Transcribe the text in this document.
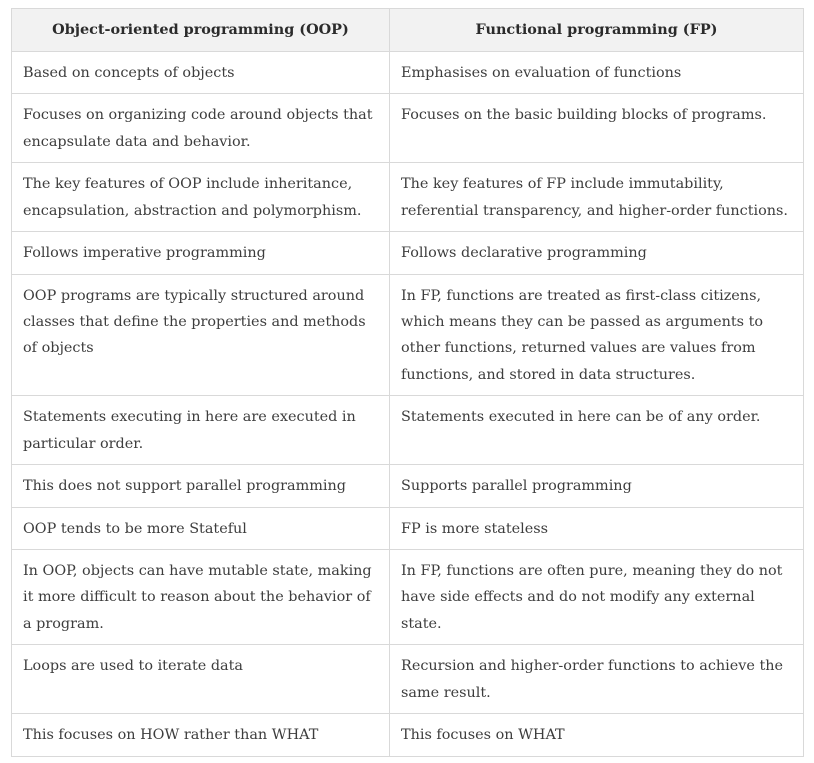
Object-oriented programming (OOP)	Functional programming (FP)

Based on concepts of objects	Emphasises on evaluation of functions

Focuses on organizing code around objects that encapsulate data and behavior.	Focuses on the basic building blocks of programs.

The key features of OOP include inheritance, encapsulation, abstraction and polymorphism.	The key features of FP include immutability, referential transparency, and higher-order functions.

Follows imperative programming	Follows declarative programming

OOP programs are typically structured around classes that define the properties and methods of objects	In FP, functions are treated as first-class citizens, which means they can be passed as arguments to other functions, returned values are values from functions, and stored in data structures.

Statements executing in here are executed in particular order.	Statements executed in here can be of any order.

This does not support parallel programming	Supports parallel programming

OOP tends to be more Stateful	FP is more stateless

In OOP, objects can have mutable state, making it more difficult to reason about the behavior of a program.	In FP, functions are often pure, meaning they do not have side effects and do not modify any external state.

Loops are used to iterate data	Recursion and higher-order functions to achieve the same result.

This focuses on HOW rather than WHAT	This focuses on WHAT
